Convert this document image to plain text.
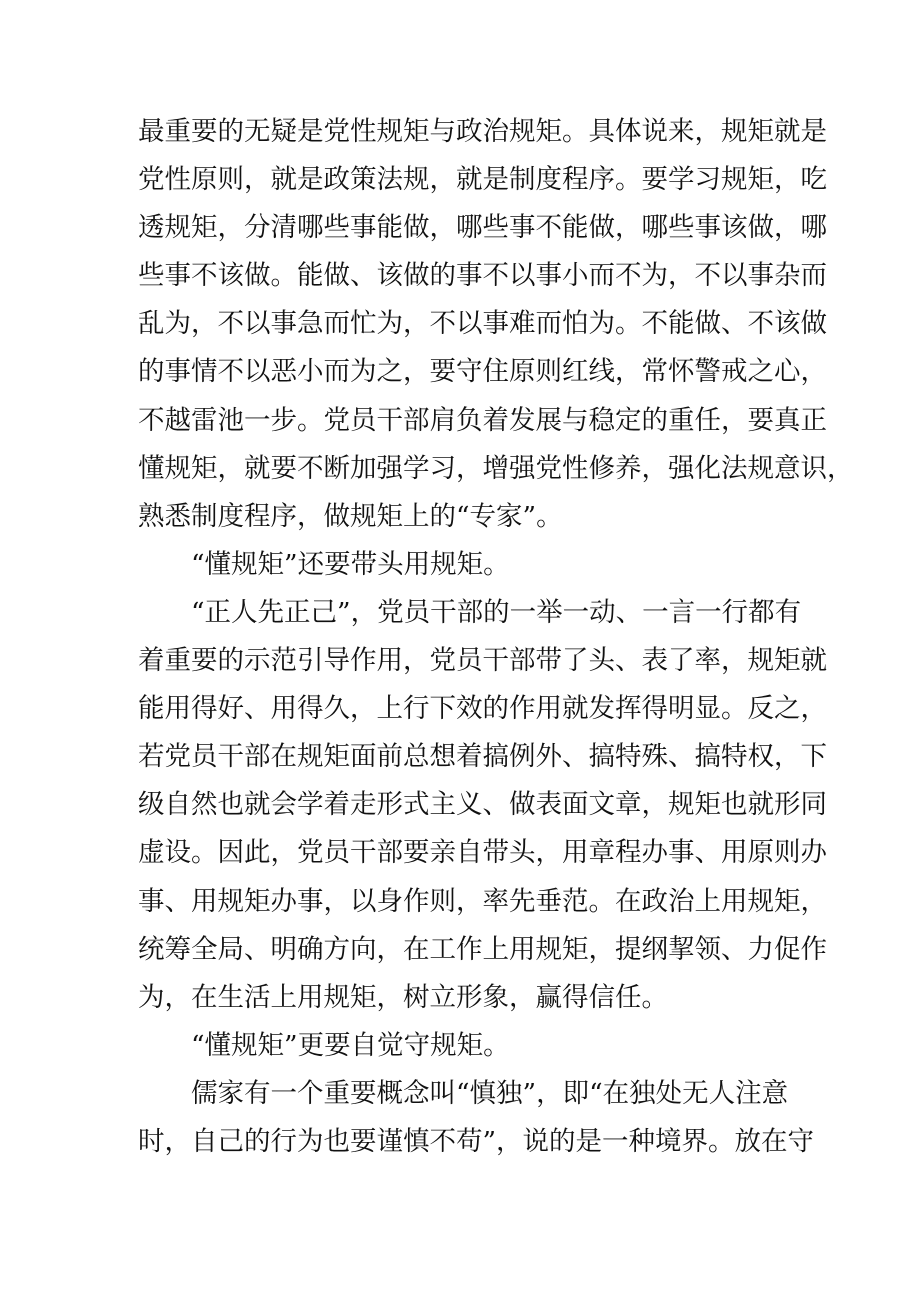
最重要的无疑是党性规矩与政治规矩。具体说来，规矩就是
党性原则，就是政策法规，就是制度程序。要学习规矩，吃
透规矩，分清哪些事能做，哪些事不能做，哪些事该做，哪
些事不该做。能做、该做的事不以事小而不为，不以事杂而
乱为，不以事急而忙为，不以事难而怕为。不能做、不该做
的事情不以恶小而为之，要守住原则红线，常怀警戒之心，
不越雷池一步。党员干部肩负着发展与稳定的重任，要真正
懂规矩，就要不断加强学习，增强党性修养，强化法规意识，
熟悉制度程序，做规矩上的“专家”。
“懂规矩”还要带头用规矩。
“正人先正己”，党员干部的一举一动、一言一行都有
着重要的示范引导作用，党员干部带了头、表了率，规矩就
能用得好、用得久，上行下效的作用就发挥得明显。反之，
若党员干部在规矩面前总想着搞例外、搞特殊、搞特权，下
级自然也就会学着走形式主义、做表面文章，规矩也就形同
虚设。因此，党员干部要亲自带头，用章程办事、用原则办
事、用规矩办事，以身作则，率先垂范。在政治上用规矩，
统筹全局、明确方向，在工作上用规矩，提纲挈领、力促作
为，在生活上用规矩，树立形象，赢得信任。
“懂规矩”更要自觉守规矩。
儒家有一个重要概念叫“慎独”，即“在独处无人注意
时，自己的行为也要谨慎不苟”，说的是一种境界。放在守
